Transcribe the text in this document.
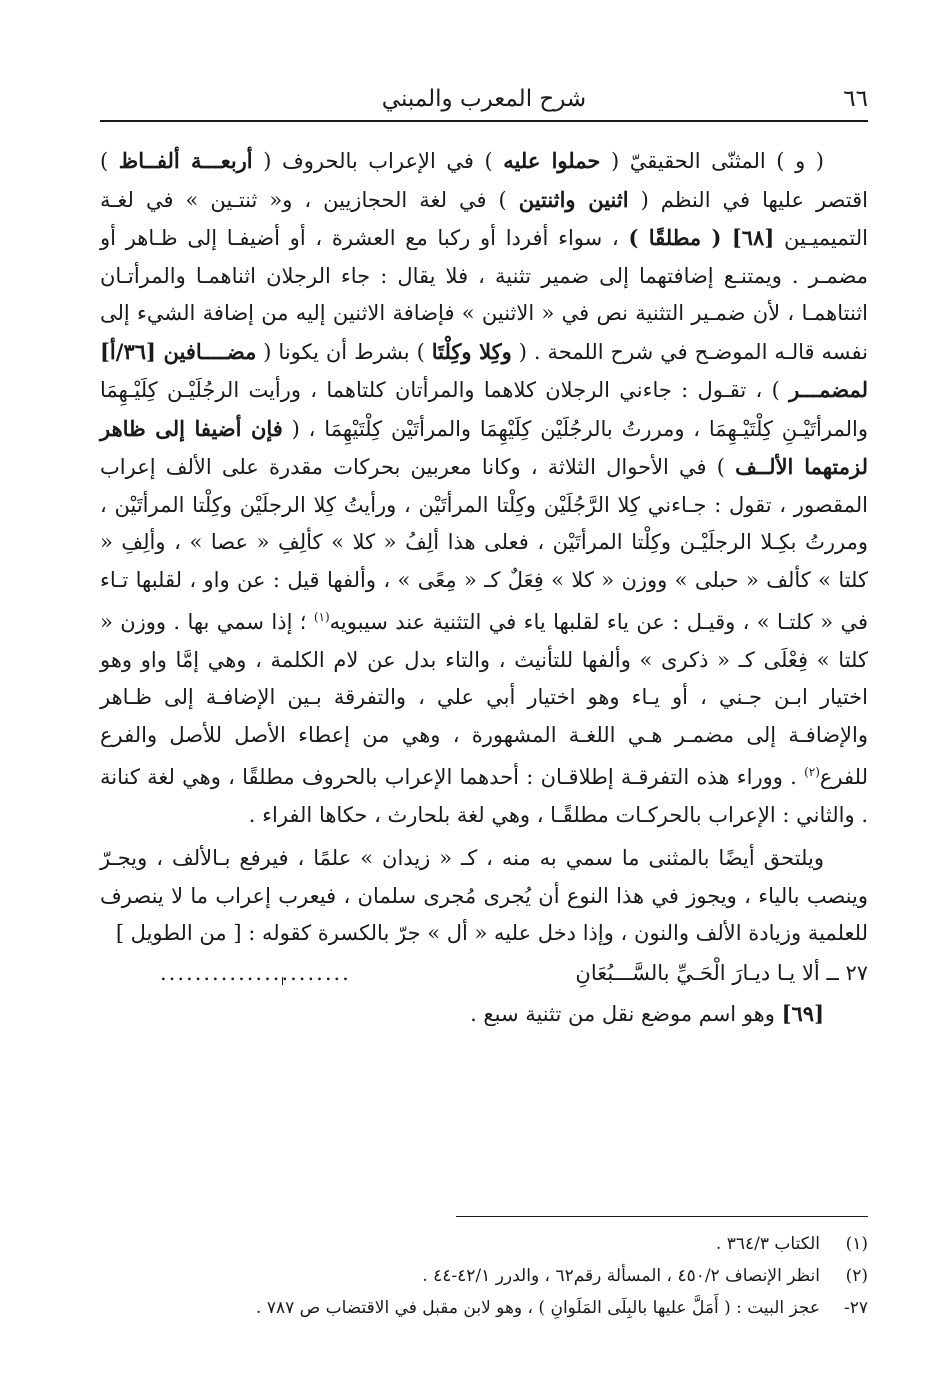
٦٦
شرح المعرب والمبني

( و ) المثنّى الحقيقيّ ( حملوا عليه ) في الإعراب بالحروف ( أربعـــة ألفــاظ ) اقتصر عليها في النظم ( اثنين واثنتين ) في لغة الحجازيين ، و« ثنتـين » في لغـة التميميـين [٦٨] ( مطلقًا ) ، سواء أفردا أو ركبا مع العشرة ، أو أضيفـا إلى ظـاهر أو مضمـر . ويمتنـع إضافتهما إلى ضمير تثنية ، فلا يقال : جاء الرجلان اثناهمـا والمرأتـان اثنتاهمـا ، لأن ضمـير التثنية نص في « الاثنين » فإضافة الاثنين إليه من إضافة الشيء إلى نفسه قالـه الموضـح في شرح اللمحة . ( وكِلا وكِلْتَا ) بشرط أن يكونا ( مضــــافين [٣٦/أ] لمضمـــر ) ، تقـول : جاءني الرجلان كلاهما والمرأتان كلتاهما ، ورأيت الرجُلَيْـن كِلَيْـهِمَا والمرأتَيْـنِ كِلْتَيْـهِمَا ، ومررتُ بالرجُلَيْن كِلَيْهِمَا والمرأتَيْن كِلْتَيْهِمَا ، ( فإن أضيفا إلى ظاهر لزمتهما الألــف ) في الأحوال الثلاثة ، وكانا معربين بحركات مقدرة على الألف إعراب المقصور ، تقول : جـاءني كِلا الرَّجُلَيْن وكِلْتا المرأتَيْن ، ورأيتُ كِلا الرجلَيْن وكِلْتا المرأتَيْن ، ومررتُ بكِـلا الرجلَيْـن وكِلْتا المرأتَيْن ، فعلى هذا ألِفُ « كلا » كألِفِ « عصا » ، وألِفِ « كلتا » كألف « حبلى » ووزن « كلا » فِعَلٌ كـ « مِعًى » ، وألفها قيل : عن واو ، لقلبها تـاء في « كلتـا » ، وقيـل : عن ياء لقلبها ياء في التثنية عند سيبويه$^{(١)}$ ؛ إذا سمي بها . ووزن « كلتا » فِعْلَى كـ « ذكرى » وألفها للتأنيث ، والتاء بدل عن لام الكلمة ، وهي إمَّا واو وهو اختيار ابـن جـني ، أو يـاء وهو اختيار أبي علي ، والتفرقة بـين الإضافـة إلى ظـاهر والإضافـة إلى مضمـر هـي اللغـة المشهورة ، وهي من إعطاء الأصل للأصل والفرع للفرع$^{(٢)}$ . ووراء هذه التفرقـة إطلاقـان : أحدهما الإعراب بالحروف مطلقًا ، وهي لغة كنانة . والثاني : الإعراب بالحركـات مطلقًـا ، وهي لغة بلحارث ، حكاها الفراء .

ويلتحق أيضًا بالمثنى ما سمي به منه ، كـ « زيدان » علمًا ، فيرفع بـالألف ، ويجـرّ وينصب بالياء ، ويجوز في هذا النوع أن يُجرى مُجرى سلمان ، فيعرب إعراب ما لا ينصرف للعلمية وزيادة الألف والنون ، وإذا دخل عليه « أل » جرّ بالكسرة كقوله : [ من الطويل ]

٢٧ ــ ألا يـا ديـارَ الْحَـيِّ بالسَّـــبُعَانِ
......................

[٦٩] وهو اسم موضع نقل من تثنية سبع .

(١)
الكتاب ٣٦٤/٣ .
(٢)
انظر الإنصاف ٤٥٠/٢ ، المسألة رقم٦٢ ، والدرر ٤٢/١-٤٤ .
٢٧-
عجز البيت : ( أَمَلَّ عليها بالبِلَى المَلَوانِ ) ، وهو لابن مقبل في الاقتضاب ص ٧٨٧ .
